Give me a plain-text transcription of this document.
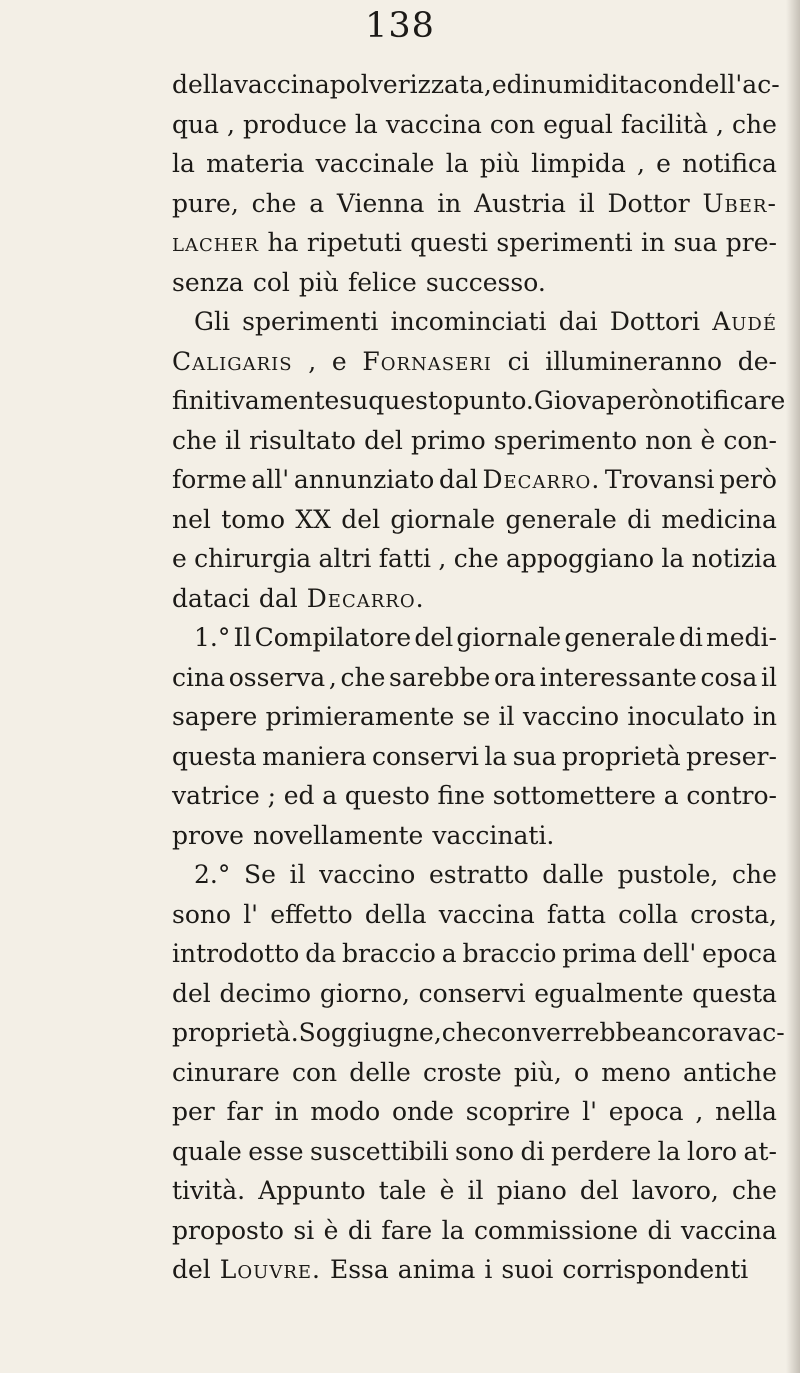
138
della vaccina polverizzata, ed inumidita con dell'ac-
qua , produce la vaccina con egual facilità , che
la materia vaccinale la più limpida , e notifica
pure, che a Vienna in Austria il Dottor Uber-
lacher ha ripetuti questi sperimenti in sua pre-
senza col più felice successo.
Gli sperimenti incominciati dai Dottori Audé
Caligaris , e Fornaseri ci illumineranno de-
finitivamente su questo punto. Giova però notificare
che il risultato del primo sperimento non è con-
forme all' annunziato dal Decarro. Trovansi però
nel tomo XX del giornale generale di medicina
e chirurgia altri fatti , che appoggiano la notizia
dataci dal Decarro.
1.° Il Compilatore del giornale generale di medi-
cina osserva , che sarebbe ora interessante cosa il
sapere primieramente se il vaccino inoculato in
questa maniera conservi la sua proprietà preser-
vatrice ; ed a questo fine sottomettere a contro-
prove novellamente vaccinati.
2.° Se il vaccino estratto dalle pustole, che
sono l' effetto della vaccina fatta colla crosta,
introdotto da braccio a braccio prima dell' epoca
del decimo giorno, conservi egualmente questa
proprietà. Soggiugne , che converrebbe ancora vac-
cinurare con delle croste più, o meno antiche
per far in modo onde scoprire l' epoca , nella
quale esse suscettibili sono di perdere la loro at-
tività. Appunto tale è il piano del lavoro, che
proposto si è di fare la commissione di vaccina
del Louvre. Essa anima i suoi corrispondenti
